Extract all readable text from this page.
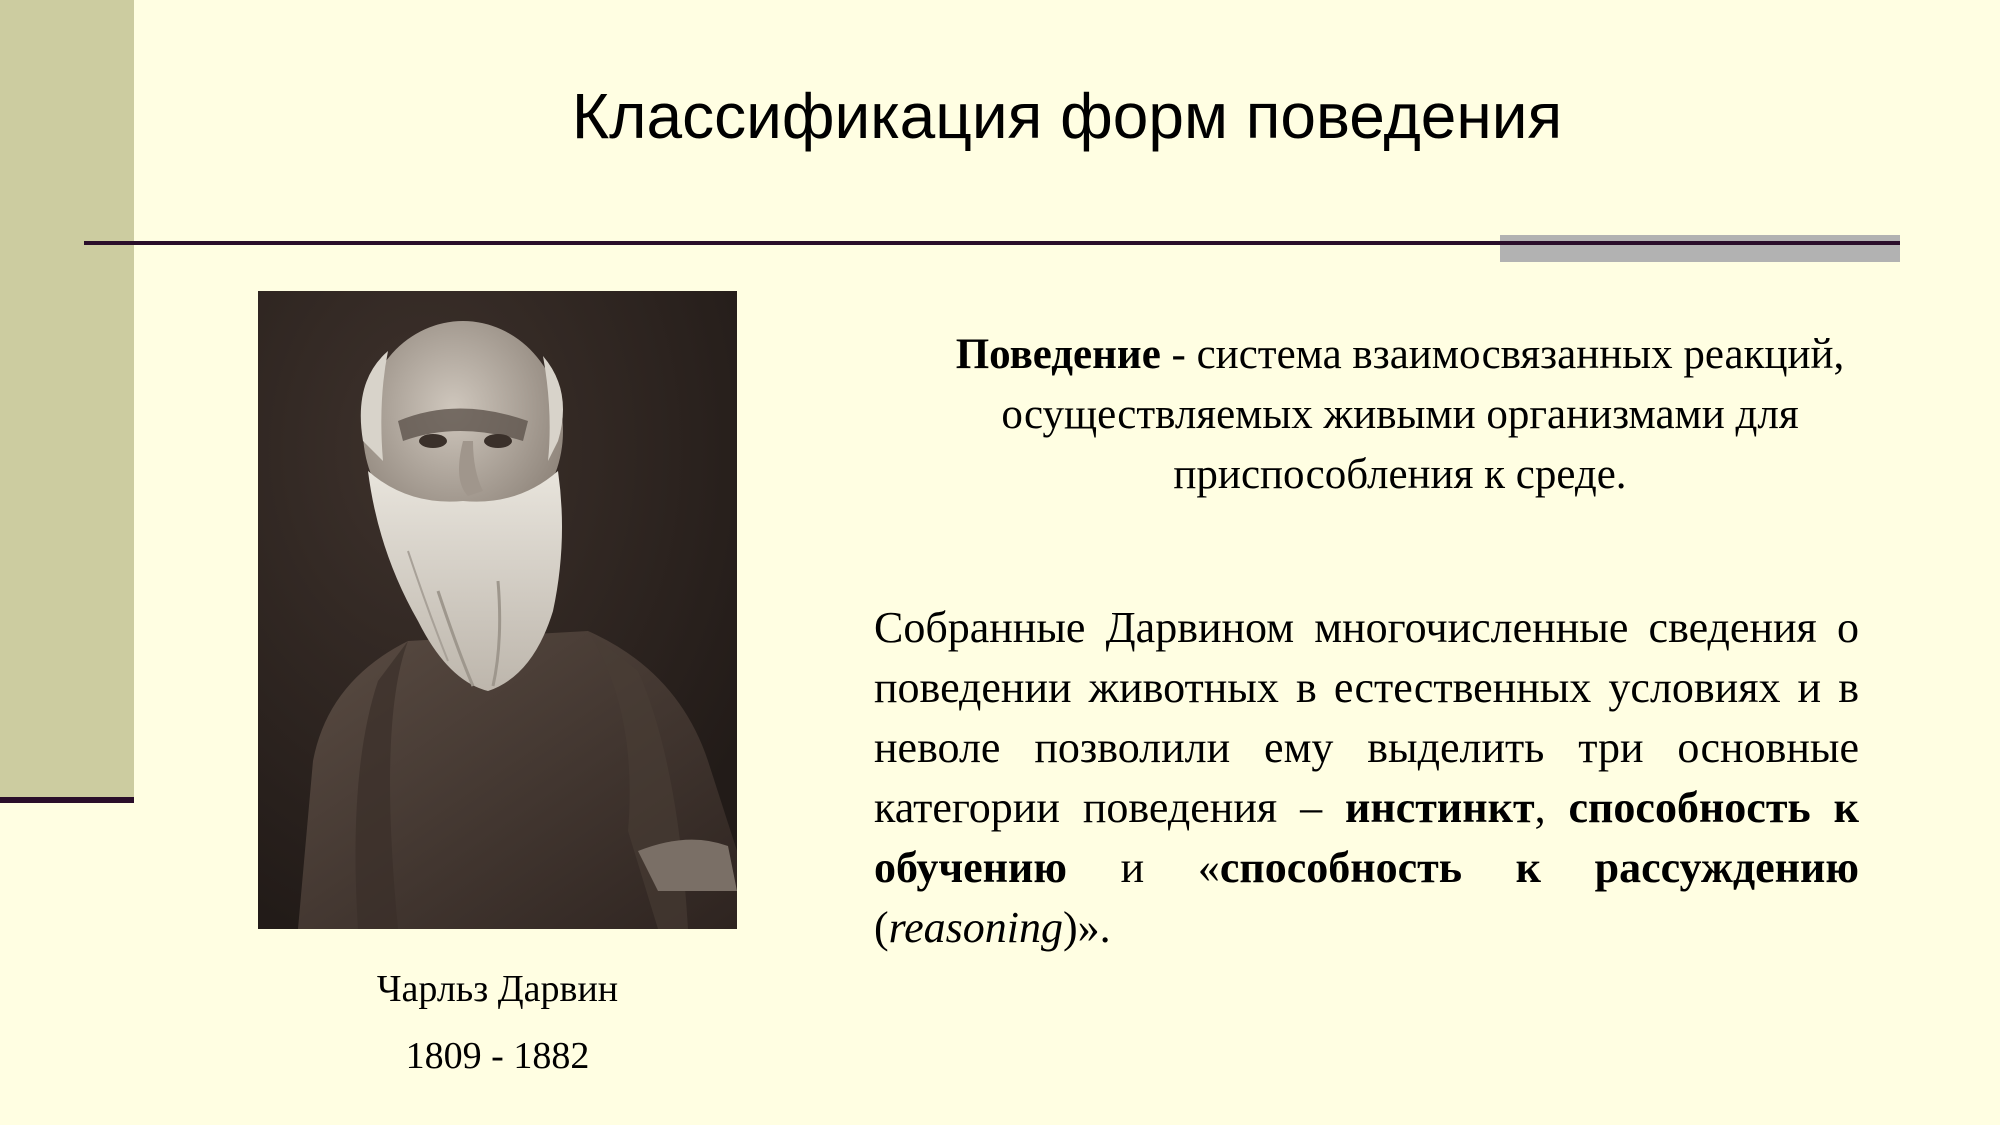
Классификация форм поведения
Чарльз Дарвин
1809 - 1882
Поведение - система взаимосвязанных реакций, осуществляемых живыми организмами для приспособления к среде.
Собранные Дарвином многочисленные сведения о поведении животных в естественных условиях и в неволе позволили ему выделить три основные категории поведения – инстинкт, способность к обучению и «способность к рассуждению (reasoning)».
